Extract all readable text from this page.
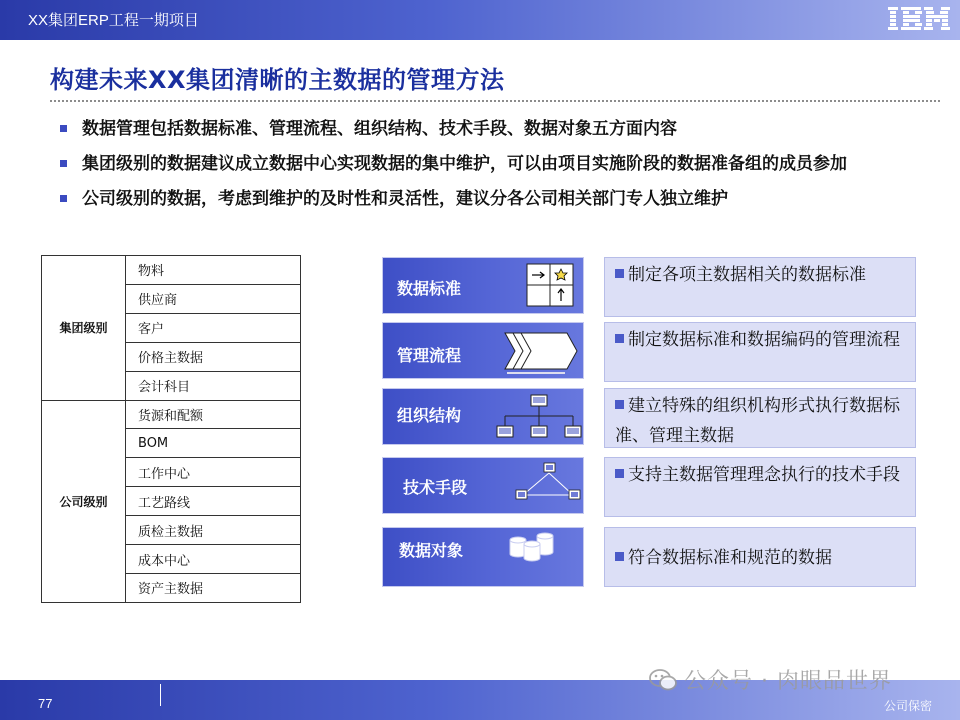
XX集团ERP工程一期项目
构建未来XX集团清晰的主数据的管理方法
数据管理包括数据标准、管理流程、组织结构、技术手段、数据对象五方面内容
集团级别的数据建议成立数据中心实现数据的集中维护，可以由项目实施阶段的数据准备组的成员参加
公司级别的数据，考虑到维护的及时性和灵活性，建议分各公司相关部门专人独立维护
集团级别	物料
	供应商
	客户
	价格主数据
	会计科目
公司级别	货源和配额
	BOM
	工作中心
	工艺路线
	质检主数据
	成本中心
	资产主数据
数据标准
制定各项主数据相关的数据标准
管理流程
制定数据标准和数据编码的管理流程
组织结构	建立特殊的组织机构形式执行数据标准、管理主数据
技术手段
支持主数据管理理念执行的技术手段
数据对象	符合数据标准和规范的数据
77	公司保密
公众号 · 肉眼品世界
